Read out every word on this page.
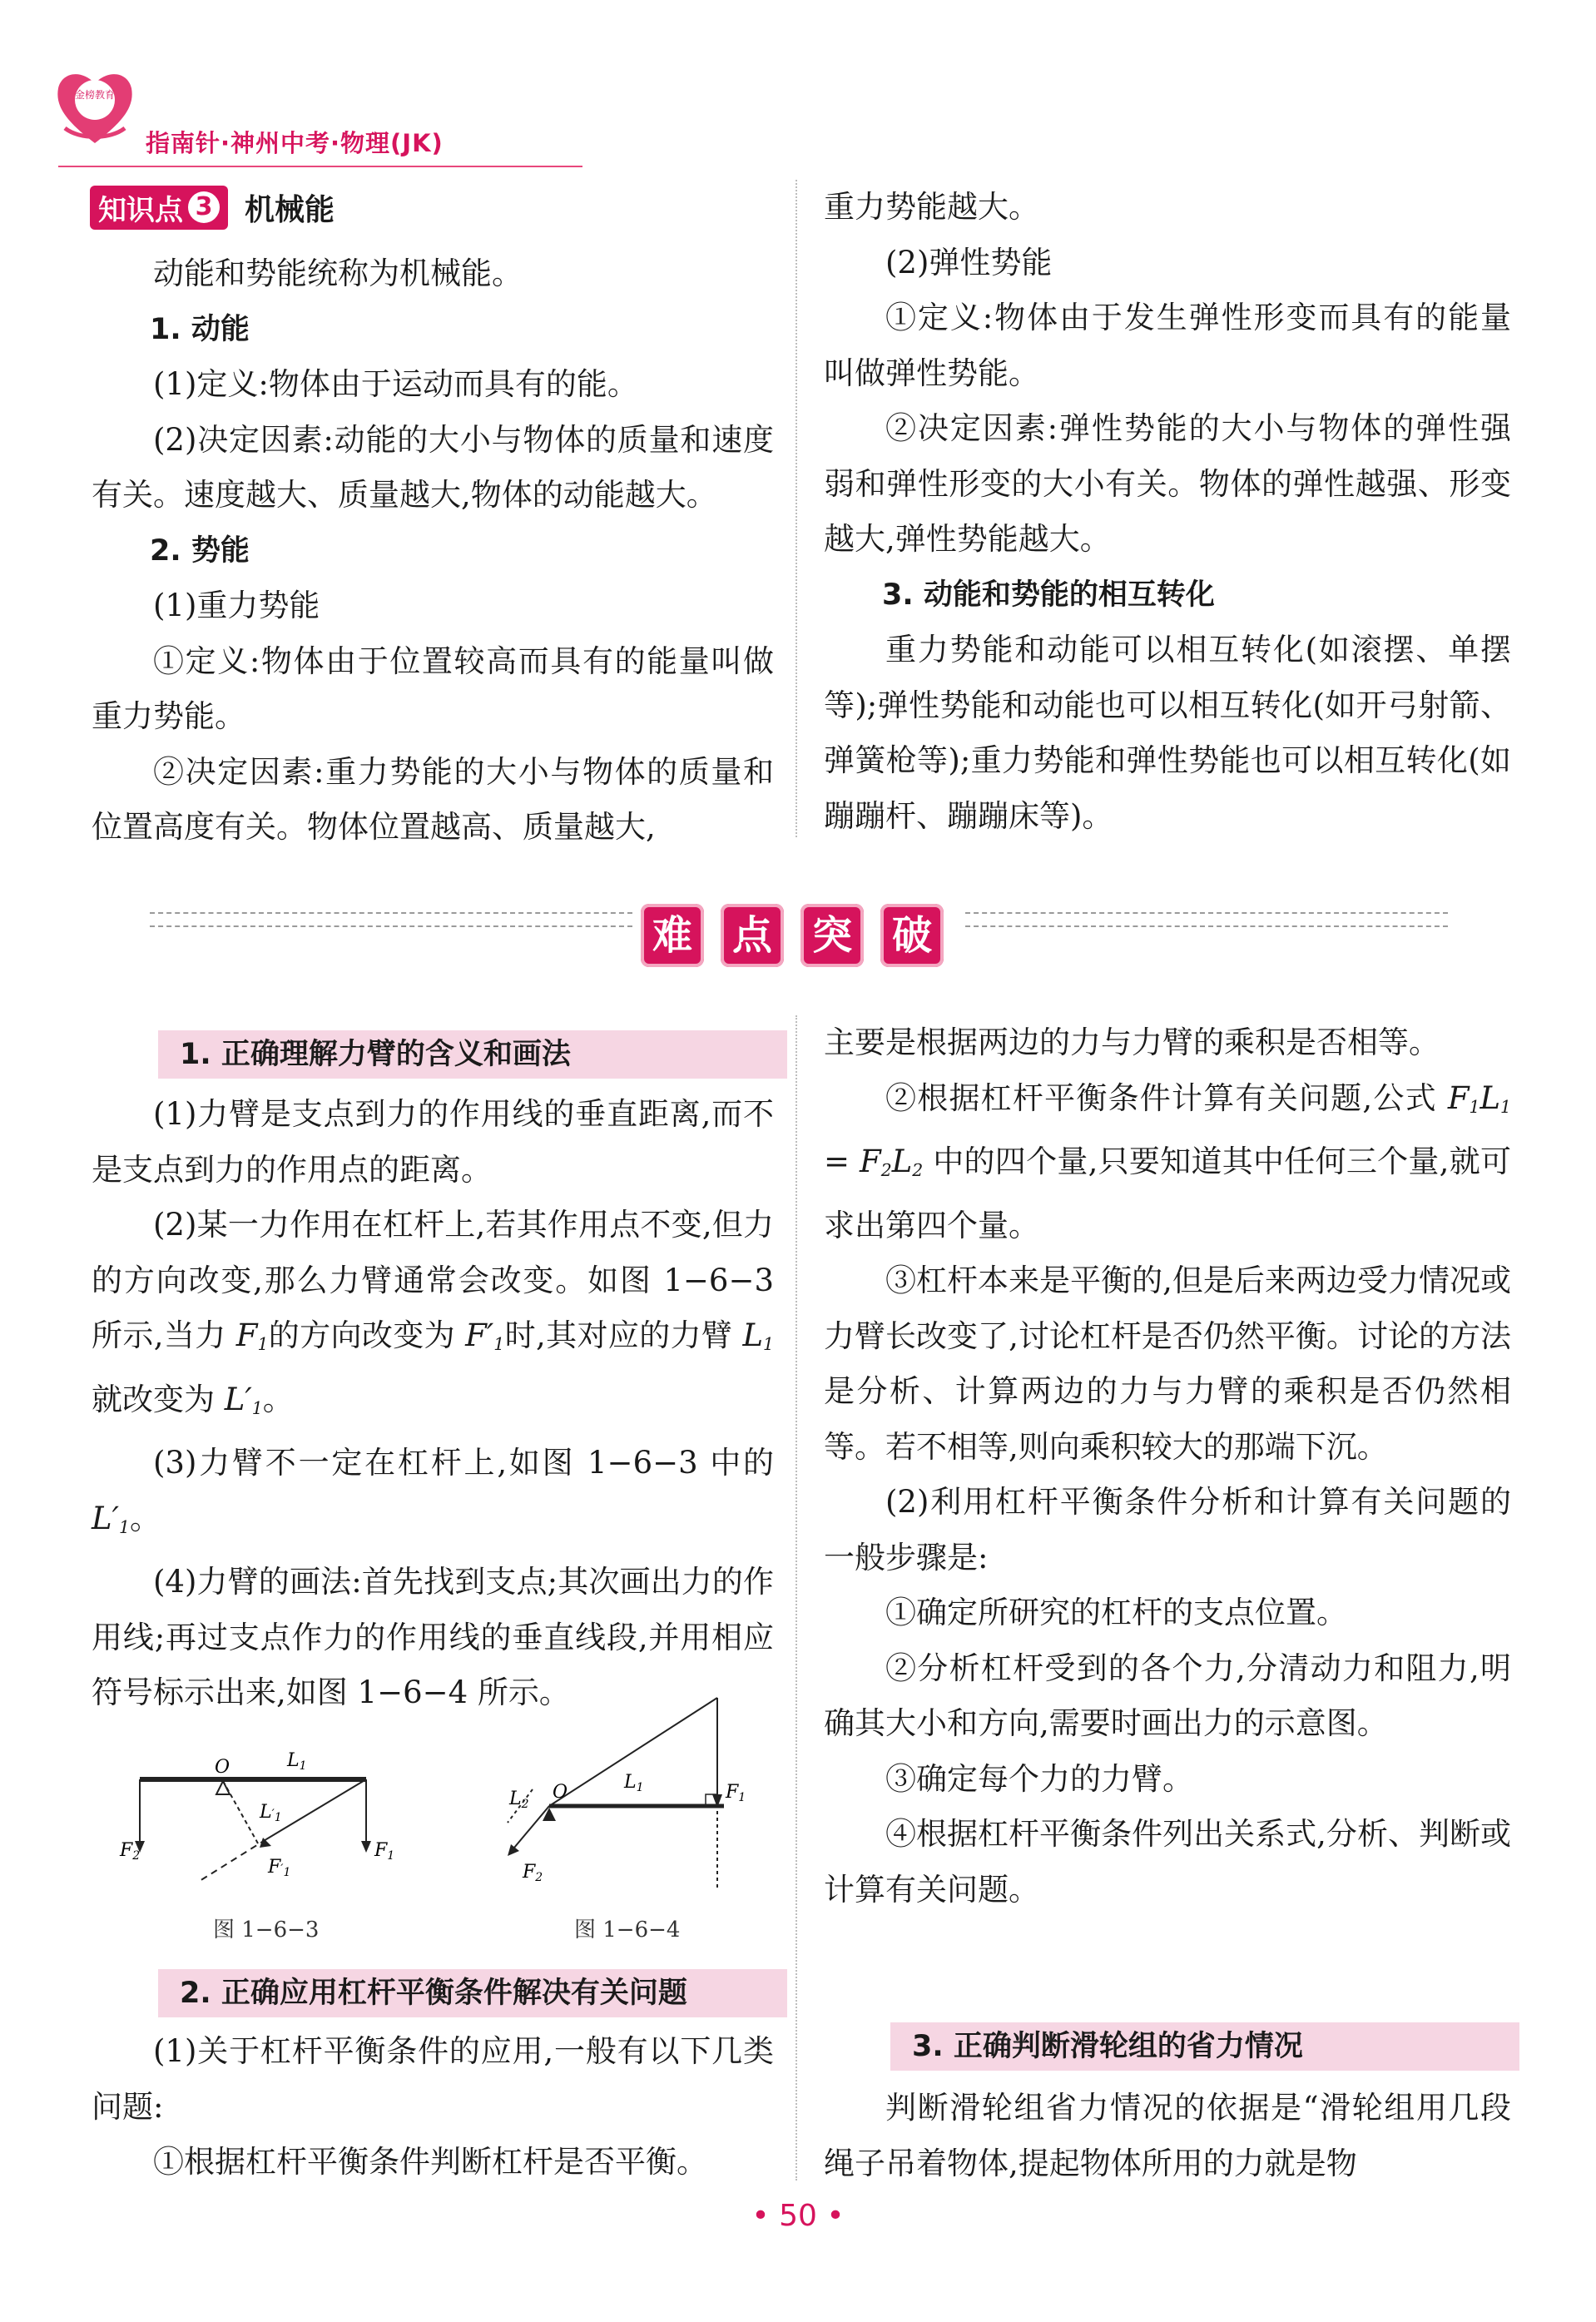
金榜教育
指南针·神州中考·物理(JK)
知识点 3 机械能

动能和势能统称为机械能。

1. 动能

(1)定义:物体由于运动而具有的能。

(2)决定因素:动能的大小与物体的质量和速度有关。速度越大、质量越大,物体的动能越大。

2. 势能

(1)重力势能

①定义:物体由于位置较高而具有的能量叫做重力势能。

②决定因素:重力势能的大小与物体的质量和位置高度有关。物体位置越高、质量越大,

重力势能越大。

(2)弹性势能

①定义:物体由于发生弹性形变而具有的能量叫做弹性势能。

②决定因素:弹性势能的大小与物体的弹性强弱和弹性形变的大小有关。物体的弹性越强、形变越大,弹性势能越大。

3. 动能和势能的相互转化

重力势能和动能可以相互转化(如滚摆、单摆等);弹性势能和动能也可以相互转化(如开弓射箭、弹簧枪等);重力势能和弹性势能也可以相互转化(如蹦蹦杆、蹦蹦床等)。

难 点 突 破
1. 正确理解力臂的含义和画法

(1)力臂是支点到力的作用线的垂直距离,而不是支点到力的作用点的距离。

(2)某一力作用在杠杆上,若其作用点不变,但力的方向改变,那么力臂通常会改变。如图 1−6−3 所示,当力 $F_1$的方向改变为 $F'_1$时,其对应的力臂 $L_1$就改变为 $L'_1$。

(3)力臂不一定在杠杆上,如图 1−6−3 中的 $L'_1$。

(4)力臂的画法:首先找到支点;其次画出力的作用线;再过支点作力的作用线的垂直线段,并用相应符号标示出来,如图 1−6−4 所示。

O	L1
L′1
F2	F1
F′1
图 1−6−3
O	L1
L2
F1
F2
图 1−6−4
2. 正确应用杠杆平衡条件解决有关问题

(1)关于杠杆平衡条件的应用,一般有以下几类问题:

①根据杠杆平衡条件判断杠杆是否平衡。

主要是根据两边的力与力臂的乘积是否相等。

②根据杠杆平衡条件计算有关问题,公式 $F_1L_1 = F_2L_2$ 中的四个量,只要知道其中任何三个量,就可求出第四个量。

③杠杆本来是平衡的,但是后来两边受力情况或力臂长改变了,讨论杠杆是否仍然平衡。讨论的方法是分析、计算两边的力与力臂的乘积是否仍然相等。若不相等,则向乘积较大的那端下沉。

(2)利用杠杆平衡条件分析和计算有关问题的一般步骤是:

①确定所研究的杠杆的支点位置。

②分析杠杆受到的各个力,分清动力和阻力,明确其大小和方向,需要时画出力的示意图。

③确定每个力的力臂。

④根据杠杆平衡条件列出关系式,分析、判断或计算有关问题。

3. 正确判断滑轮组的省力情况

判断滑轮组省力情况的依据是“滑轮组用几段绳子吊着物体,提起物体所用的力就是物

• 50 •
